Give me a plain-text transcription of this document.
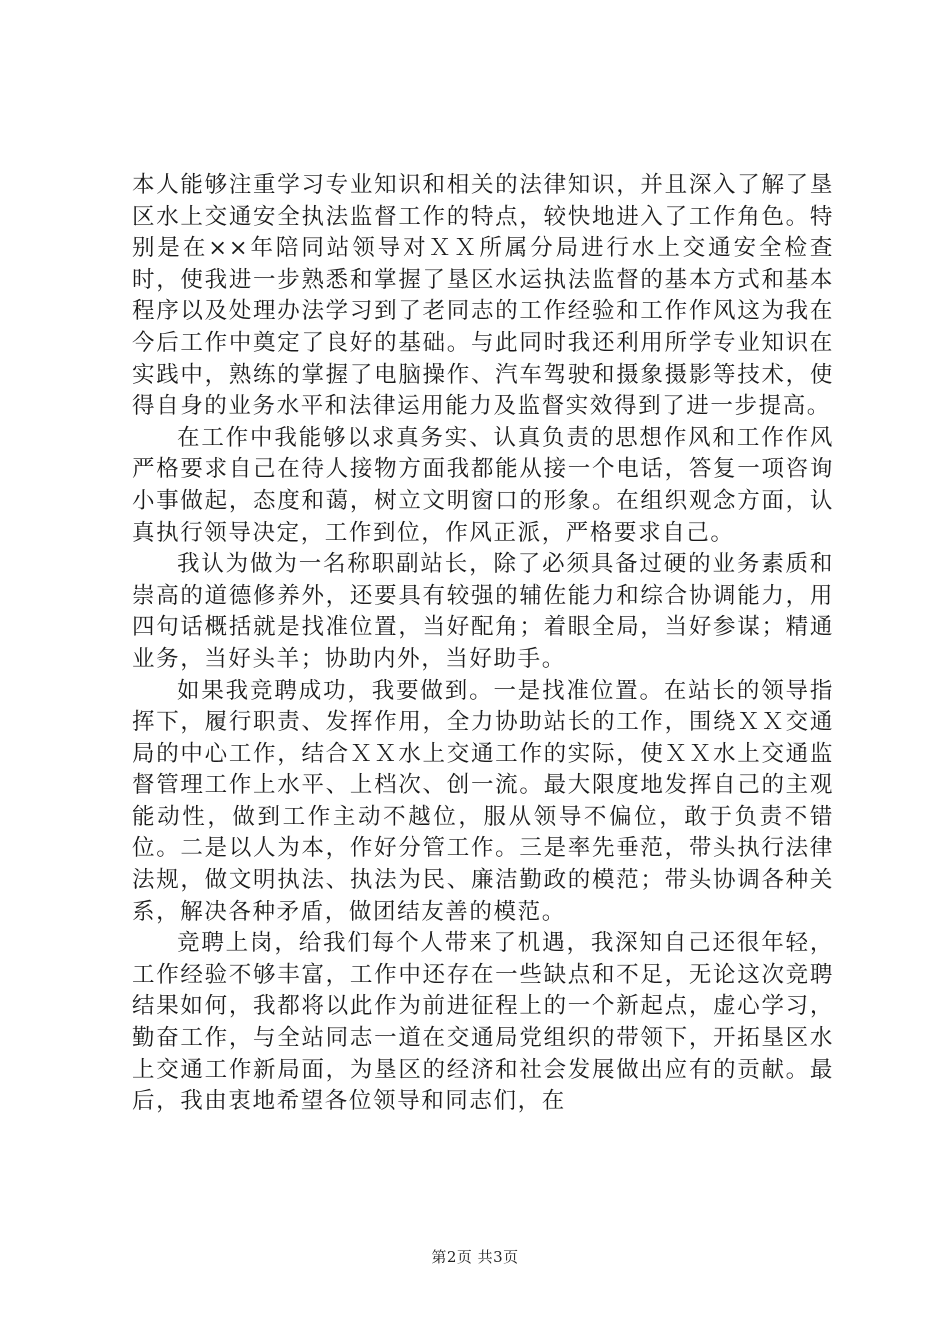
本人能够注重学习专业知识和相关的法律知识，并且深入了解了垦区水上交通安全执法监督工作的特点，较快地进入了工作角色。特别是在××年陪同站领导对ＸＸ所属分局进行水上交通安全检查时，使我进一步熟悉和掌握了垦区水运执法监督的基本方式和基本程序以及处理办法学习到了老同志的工作经验和工作作风这为我在今后工作中奠定了良好的基础。与此同时我还利用所学专业知识在实践中，熟练的掌握了电脑操作、汽车驾驶和摄象摄影等技术，使得自身的业务水平和法律运用能力及监督实效得到了进一步提高。

在工作中我能够以求真务实、认真负责的思想作风和工作作风严格要求自己在待人接物方面我都能从接一个电话，答复一项咨询小事做起，态度和蔼，树立文明窗口的形象。在组织观念方面，认真执行领导决定，工作到位，作风正派，严格要求自己。

我认为做为一名称职副站长，除了必须具备过硬的业务素质和崇高的道德修养外，还要具有较强的辅佐能力和综合协调能力，用四句话概括就是找准位置，当好配角；着眼全局，当好参谋；精通业务，当好头羊；协助内外，当好助手。

如果我竞聘成功，我要做到。一是找准位置。在站长的领导指挥下，履行职责、发挥作用，全力协助站长的工作，围绕ＸＸ交通局的中心工作，结合ＸＸ水上交通工作的实际，使ＸＸ水上交通监督管理工作上水平、上档次、创一流。最大限度地发挥自己的主观能动性，做到工作主动不越位，服从领导不偏位，敢于负责不错位。二是以人为本，作好分管工作。三是率先垂范，带头执行法律法规，做文明执法、执法为民、廉洁勤政的模范；带头协调各种关系，解决各种矛盾，做团结友善的模范。

竞聘上岗，给我们每个人带来了机遇，我深知自己还很年轻，工作经验不够丰富，工作中还存在一些缺点和不足，无论这次竞聘结果如何，我都将以此作为前进征程上的一个新起点，虚心学习，勤奋工作，与全站同志一道在交通局党组织的带领下，开拓垦区水上交通工作新局面，为垦区的经济和社会发展做出应有的贡献。最后，我由衷地希望各位领导和同志们，在

第2页 共3页
